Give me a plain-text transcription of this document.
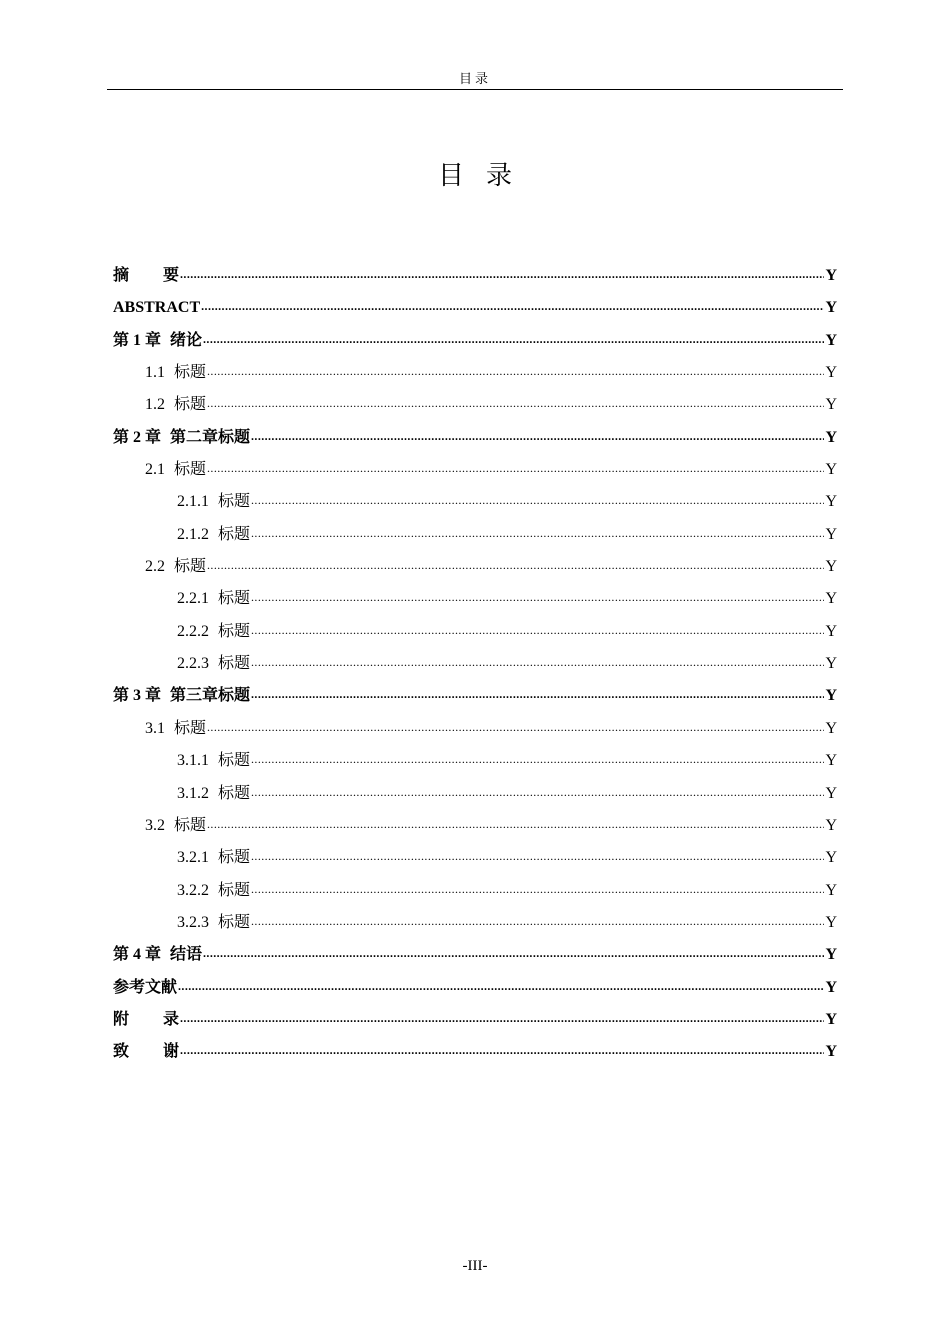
目录
目录
摘要 .....	Y
ABSTRACT .....	Y
第 1 章 绪论 .....	Y
1.1 标题 .....	Y
1.2 标题 .....	Y
第 2 章 第二章标题 .....	Y
2.1 标题 .....	Y
2.1.1 标题 .....	Y
2.1.2 标题 .....	Y
2.2 标题 .....	Y
2.2.1 标题 .....	Y
2.2.2 标题 .....	Y
2.2.3 标题 .....	Y
第 3 章 第三章标题 .....	Y
3.1 标题 .....	Y
3.1.1 标题 .....	Y
3.1.2 标题 .....	Y
3.2 标题 .....	Y
3.2.1 标题 .....	Y
3.2.2 标题 .....	Y
3.2.3 标题 .....	Y
第 4 章 结语 .....	Y
参考文献 .....	Y
附录 .....	Y
致谢 .....	Y
-III-
